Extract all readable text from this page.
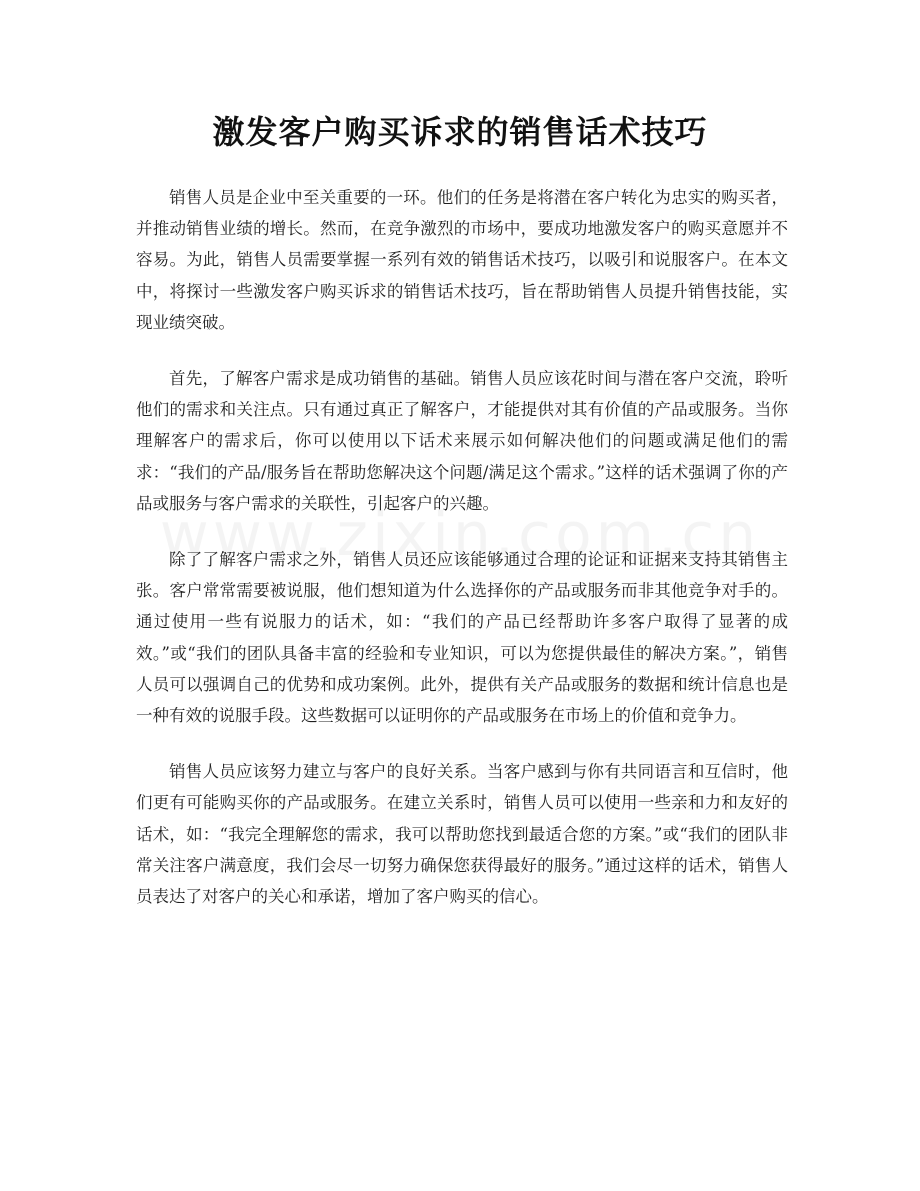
激发客户购买诉求的销售话术技巧

销售人员是企业中至关重要的一环。他们的任务是将潜在客户转化为忠实的购买者，并推动销售业绩的增长。然而，在竞争激烈的市场中，要成功地激发客户的购买意愿并不容易。为此，销售人员需要掌握一系列有效的销售话术技巧，以吸引和说服客户。在本文中，将探讨一些激发客户购买诉求的销售话术技巧，旨在帮助销售人员提升销售技能，实现业绩突破。

首先，了解客户需求是成功销售的基础。销售人员应该花时间与潜在客户交流，聆听他们的需求和关注点。只有通过真正了解客户，才能提供对其有价值的产品或服务。当你理解客户的需求后，你可以使用以下话术来展示如何解决他们的问题或满足他们的需求：“我们的产品/服务旨在帮助您解决这个问题/满足这个需求。”这样的话术强调了你的产品或服务与客户需求的关联性，引起客户的兴趣。

除了了解客户需求之外，销售人员还应该能够通过合理的论证和证据来支持其销售主张。客户常常需要被说服，他们想知道为什么选择你的产品或服务而非其他竞争对手的。通过使用一些有说服力的话术，如：“我们的产品已经帮助许多客户取得了显著的成效。”或“我们的团队具备丰富的经验和专业知识，可以为您提供最佳的解决方案。”，销售人员可以强调自己的优势和成功案例。此外，提供有关产品或服务的数据和统计信息也是一种有效的说服手段。这些数据可以证明你的产品或服务在市场上的价值和竞争力。

销售人员应该努力建立与客户的良好关系。当客户感到与你有共同语言和互信时，他们更有可能购买你的产品或服务。在建立关系时，销售人员可以使用一些亲和力和友好的话术，如：“我完全理解您的需求，我可以帮助您找到最适合您的方案。”或“我们的团队非常关注客户满意度，我们会尽一切努力确保您获得最好的服务。”通过这样的话术，销售人员表达了对客户的关心和承诺，增加了客户购买的信心。
